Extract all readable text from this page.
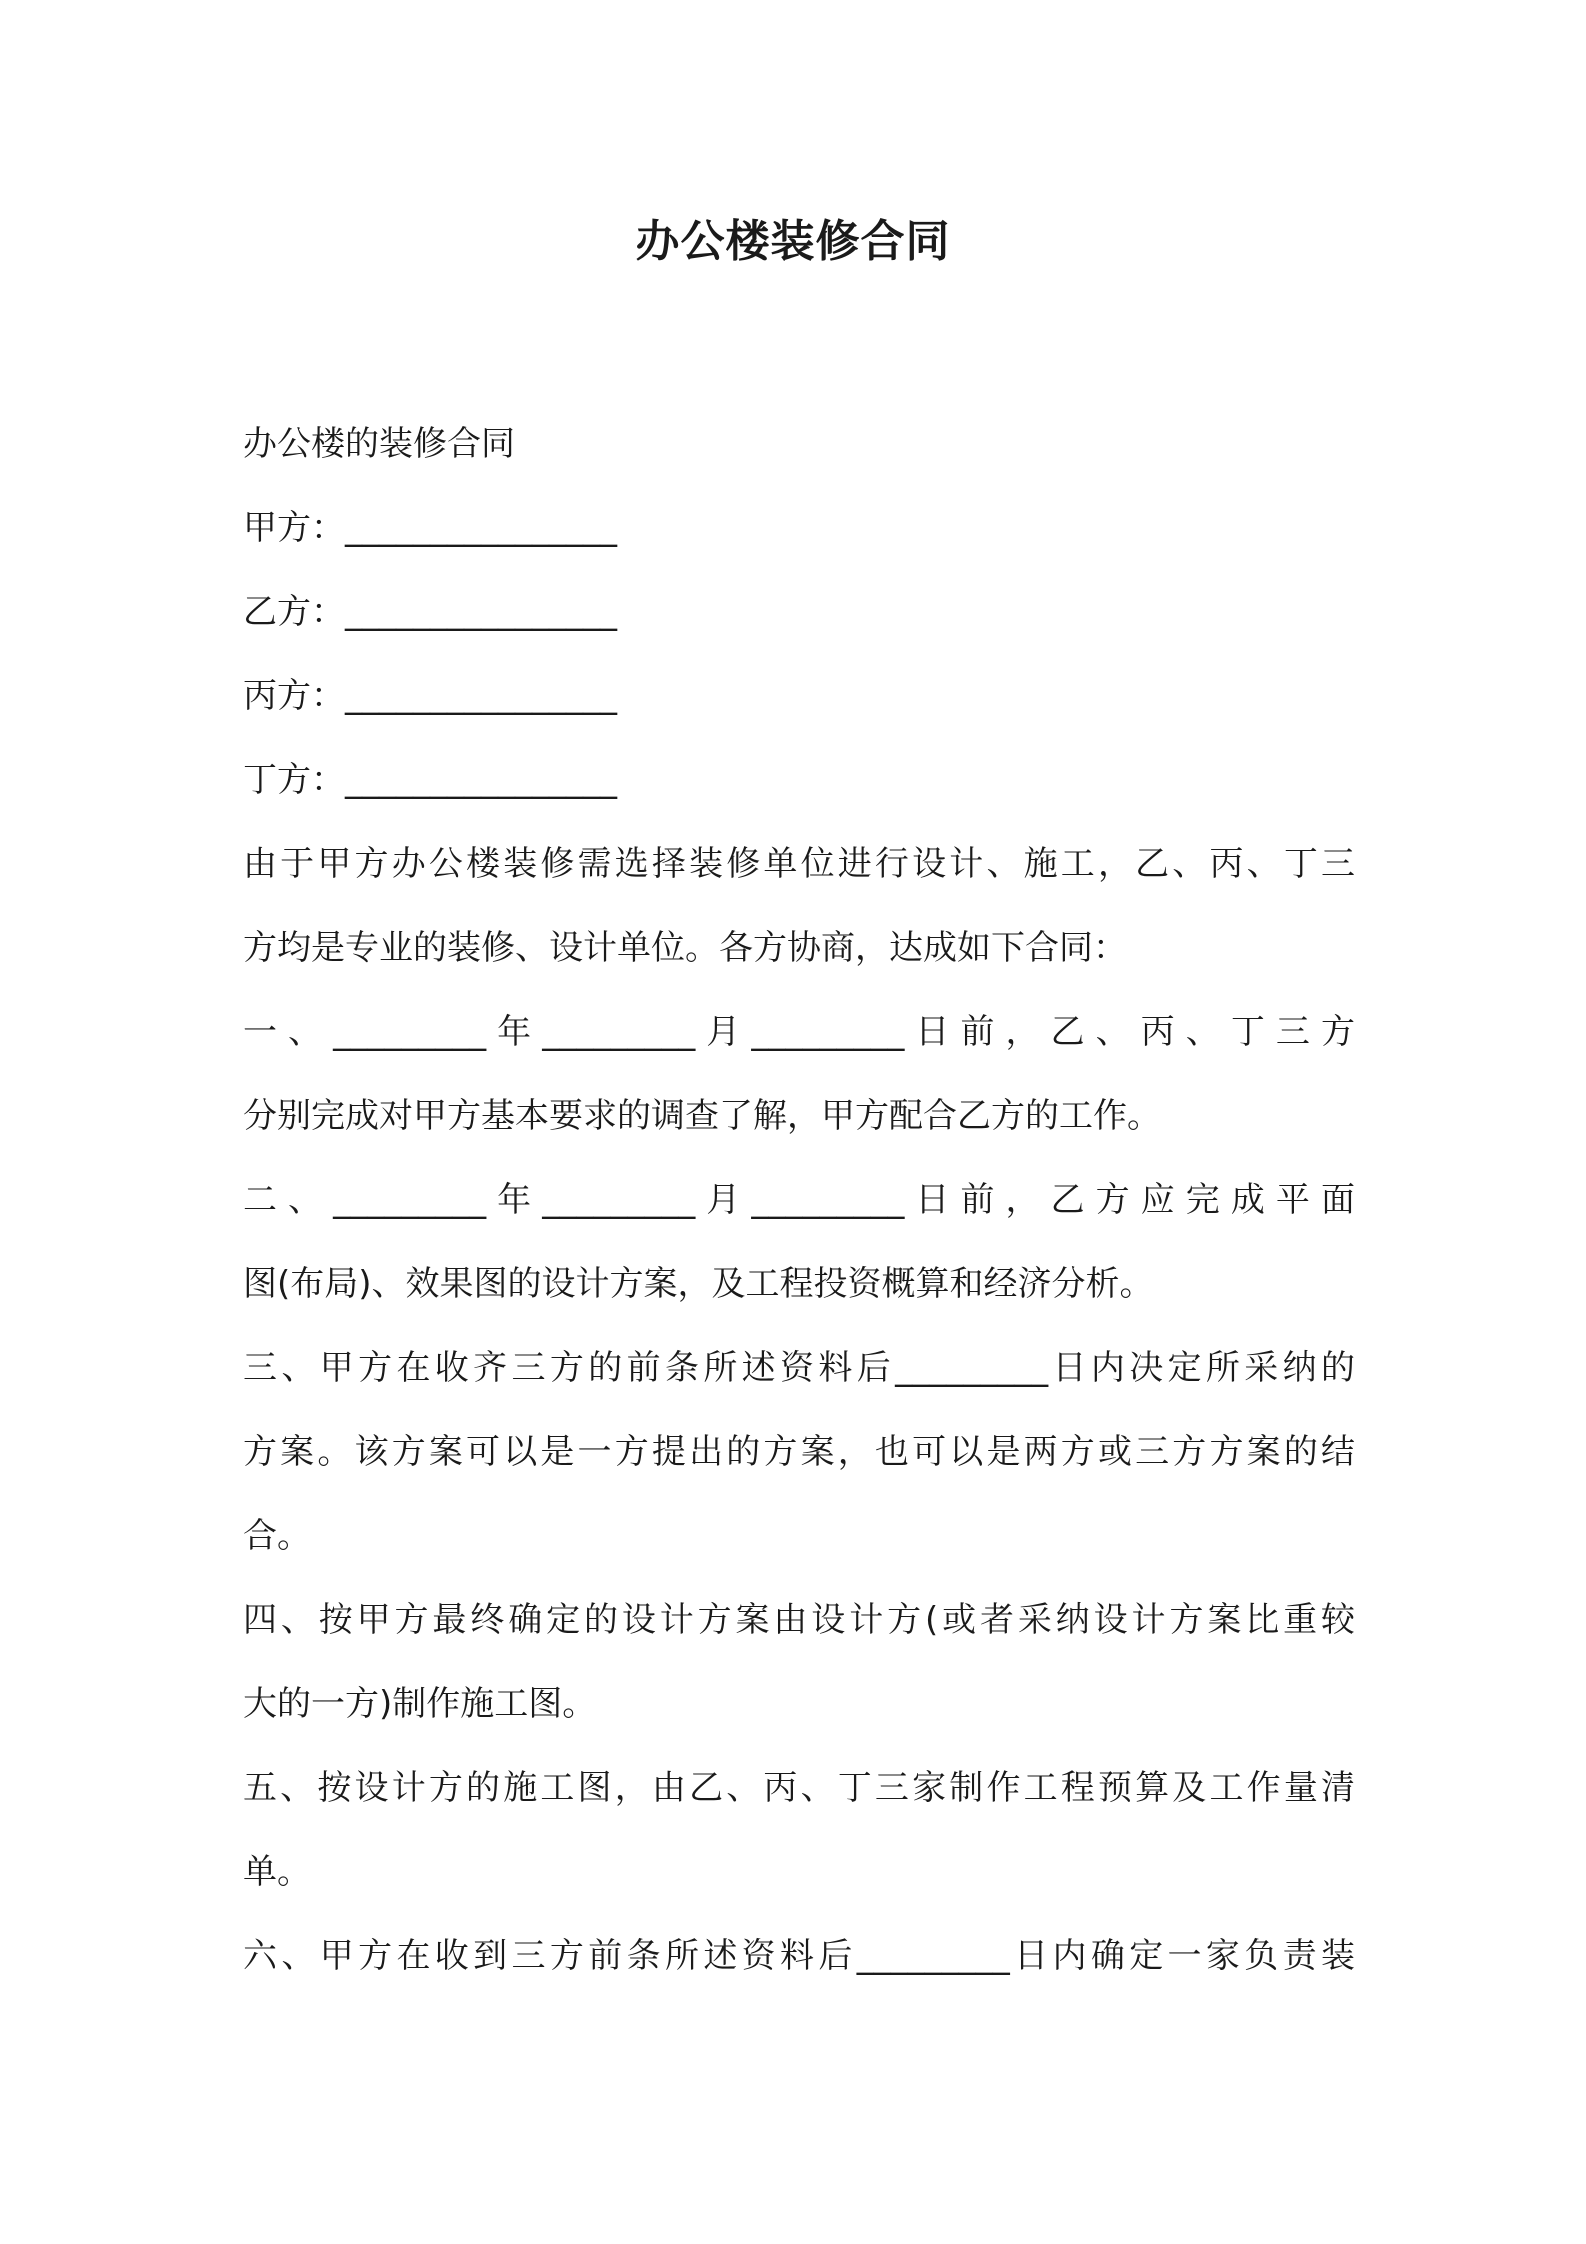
办公楼装修合同
办公楼的装修合同
甲方：________________
乙方：________________
丙方：________________
丁方：________________
由于甲方办公楼装修需选择装修单位进行设计、施工，乙、丙、丁三
方均是专业的装修、设计单位。各方协商，达成如下合同：
一、_________年_________月_________日前，乙、丙、丁三方
分别完成对甲方基本要求的调查了解，甲方配合乙方的工作。
二、_________年_________月_________日前，乙方应完成平面
图(布局)、效果图的设计方案，及工程投资概算和经济分析。
三、甲方在收齐三方的前条所述资料后_________日内决定所采纳的
方案。该方案可以是一方提出的方案，也可以是两方或三方方案的结
合。
四、按甲方最终确定的设计方案由设计方(或者采纳设计方案比重较
大的一方)制作施工图。
五、按设计方的施工图，由乙、丙、丁三家制作工程预算及工作量清
单。
六、甲方在收到三方前条所述资料后_________日内确定一家负责装
